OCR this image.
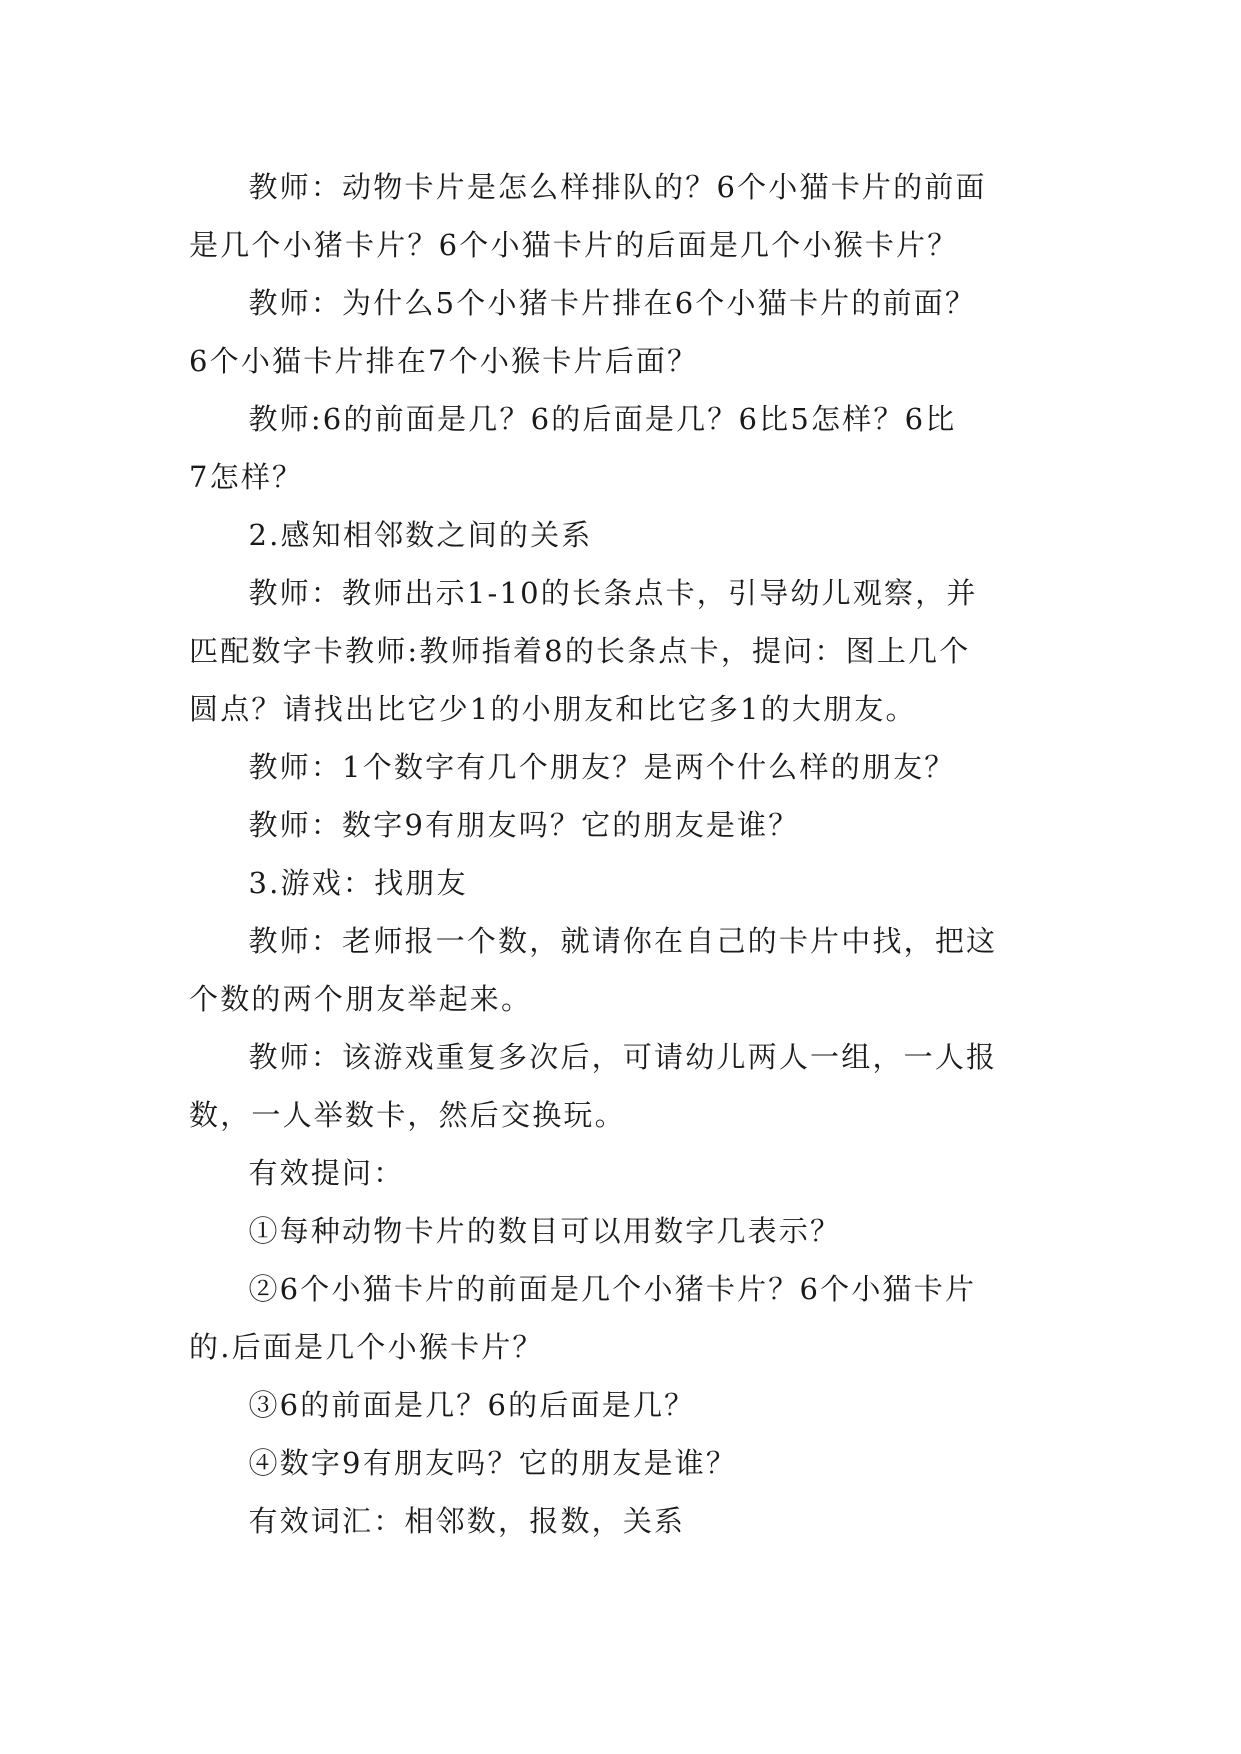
教师：动物卡片是怎么样排队的？6个小猫卡片的前面
是几个小猪卡片？6个小猫卡片的后面是几个小猴卡片？

教师：为什么5个小猪卡片排在6个小猫卡片的前面？
6个小猫卡片排在7个小猴卡片后面？

教师:6的前面是几？6的后面是几？6比5怎样？6比
7怎样？

2.感知相邻数之间的关系

教师：教师出示1-10的长条点卡，引导幼儿观察，并
匹配数字卡教师:教师指着8的长条点卡，提问：图上几个
圆点？请找出比它少1的小朋友和比它多1的大朋友。

教师：1个数字有几个朋友？是两个什么样的朋友？

教师：数字9有朋友吗？它的朋友是谁？

3.游戏：找朋友

教师：老师报一个数，就请你在自己的卡片中找，把这
个数的两个朋友举起来。

教师：该游戏重复多次后，可请幼儿两人一组，一人报
数，一人举数卡，然后交换玩。

有效提问：

①每种动物卡片的数目可以用数字几表示？

②6个小猫卡片的前面是几个小猪卡片？6个小猫卡片
的.后面是几个小猴卡片？

③6的前面是几？6的后面是几？

④数字9有朋友吗？它的朋友是谁？

有效词汇：相邻数，报数，关系
